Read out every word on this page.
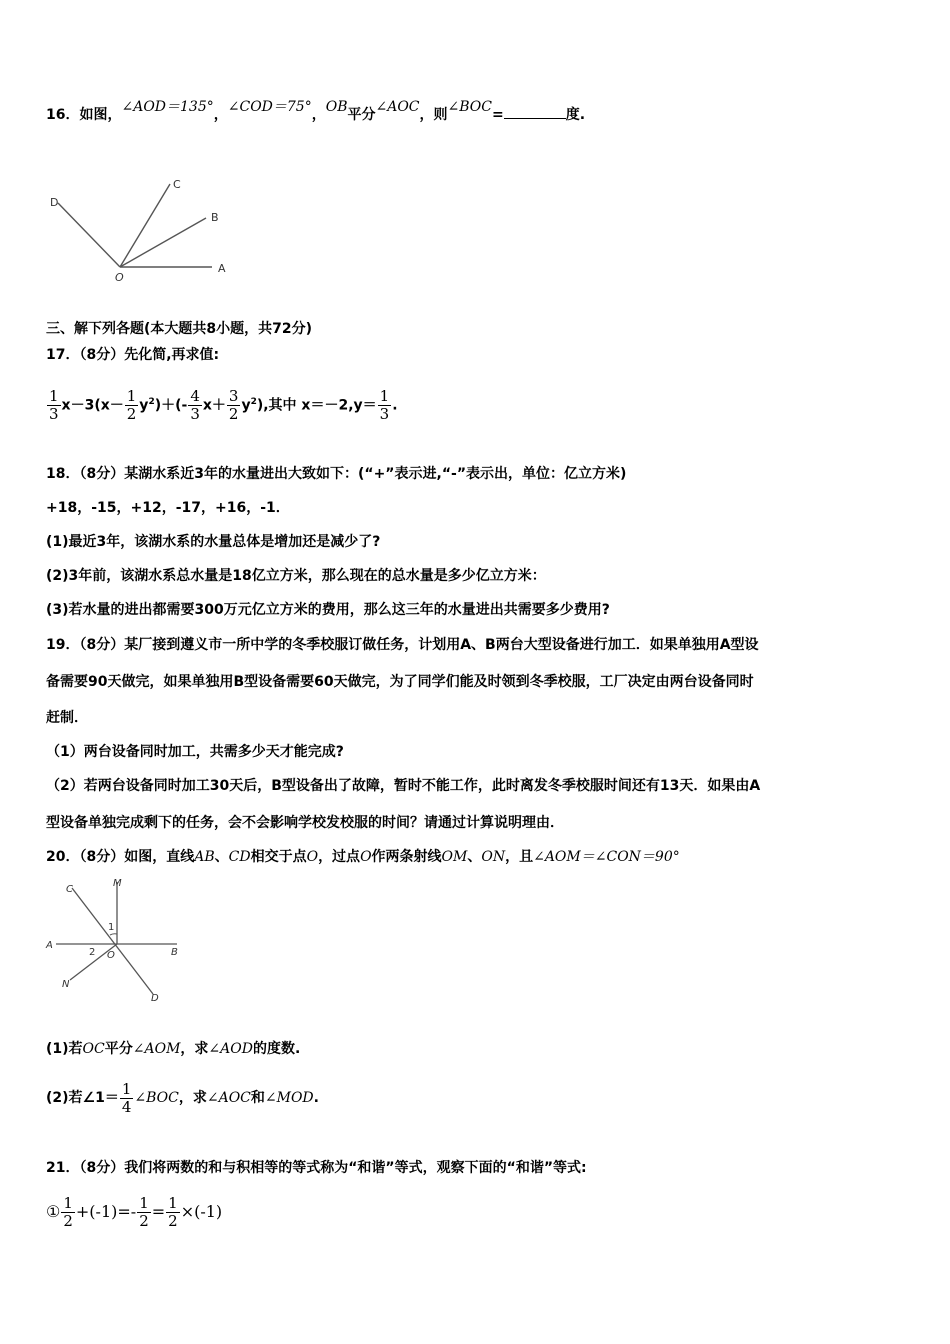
16．如图，∠AOD＝135°，∠COD＝75°，OB平分∠AOC，则∠BOC=	度.
D
C
B
O
A
三、解下列各题(本大题共8小题，共72分)
17．（8分）先化简,再求值:
$\frac{1}{3} x-3(x- \frac{1}{2} y^2)+(- \frac{4}{3} x+ \frac{3}{2} y^2)$,其中 $x=-2,y= \frac{1}{3}$ .
18．（8分）某湖水系近3年的水量进出大致如下：(“+”表示进,“-”表示出，单位：亿立方米)
+18，-15，+12，-17，+16，-1．
(1)最近3年，该湖水系的水量总体是增加还是减少了?
(2)3年前，该湖水系总水量是18亿立方米，那么现在的总水量是多少亿立方米：
(3)若水量的进出都需要300万元亿立方米的费用，那么这三年的水量进出共需要多少费用?
19．（8分）某厂接到遵义市一所中学的冬季校服订做任务，计划用A、B两台大型设备进行加工．如果单独用A型设
备需要90天做完，如果单独用B型设备需要60天做完，为了同学们能及时领到冬季校服，工厂决定由两台设备同时
赶制．
（1）两台设备同时加工，共需多少天才能完成?
（2）若两台设备同时加工30天后，B型设备出了故障，暂时不能工作，此时离发冬季校服时间还有13天．如果由A
型设备单独完成剩下的任务，会不会影响学校发校服的时间？请通过计算说明理由．
20．（8分）如图，直线AB、CD相交于点O，过点O作两条射线OM、ON，且∠AOM＝∠CON＝90°
C
M
1
A
2 O	B
N
D
(1)若OC平分∠AOM，求∠AOD的度数.
(2)若∠1＝ $\frac{1}{4}$ ∠BOC，求∠AOC和∠MOD.
21．（8分）我们将两数的和与积相等的等式称为“和谐”等式，观察下面的“和谐”等式:
① $\frac{1}{2} +(-1)=- \frac{1}{2} = \frac{1}{2} \times(-1)$
